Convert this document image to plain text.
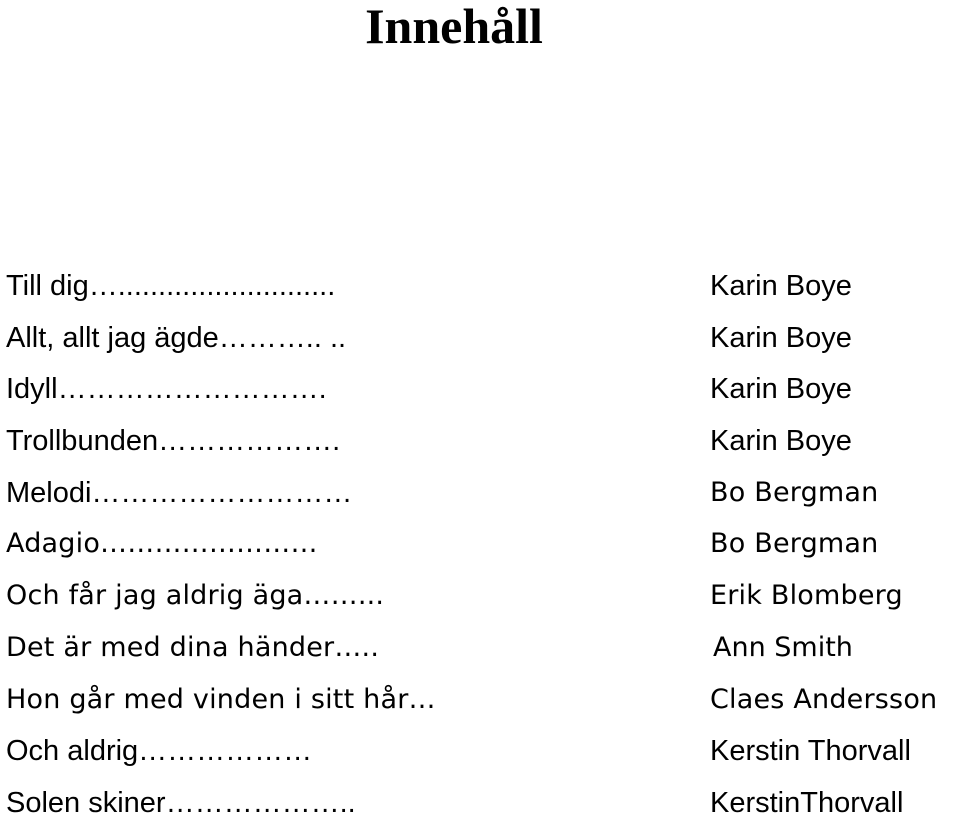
Innehåll
Till dig…...........................	Karin Boye
Allt, allt jag ägde……….. ..	Karin Boye
Idyll……………………….	Karin Boye
Trollbunden……………….	Karin Boye
Melodi………………………	Bo Bergman
Adagio……………………	Bo Bergman
Och får jag aldrig äga……...	Erik Blomberg
Det är med dina händer…..	Ann Smith
Hon går med vinden i sitt hår…	Claes Andersson
Och aldrig………………	Kerstin Thorvall
Solen skiner………………..	KerstinThorvall
